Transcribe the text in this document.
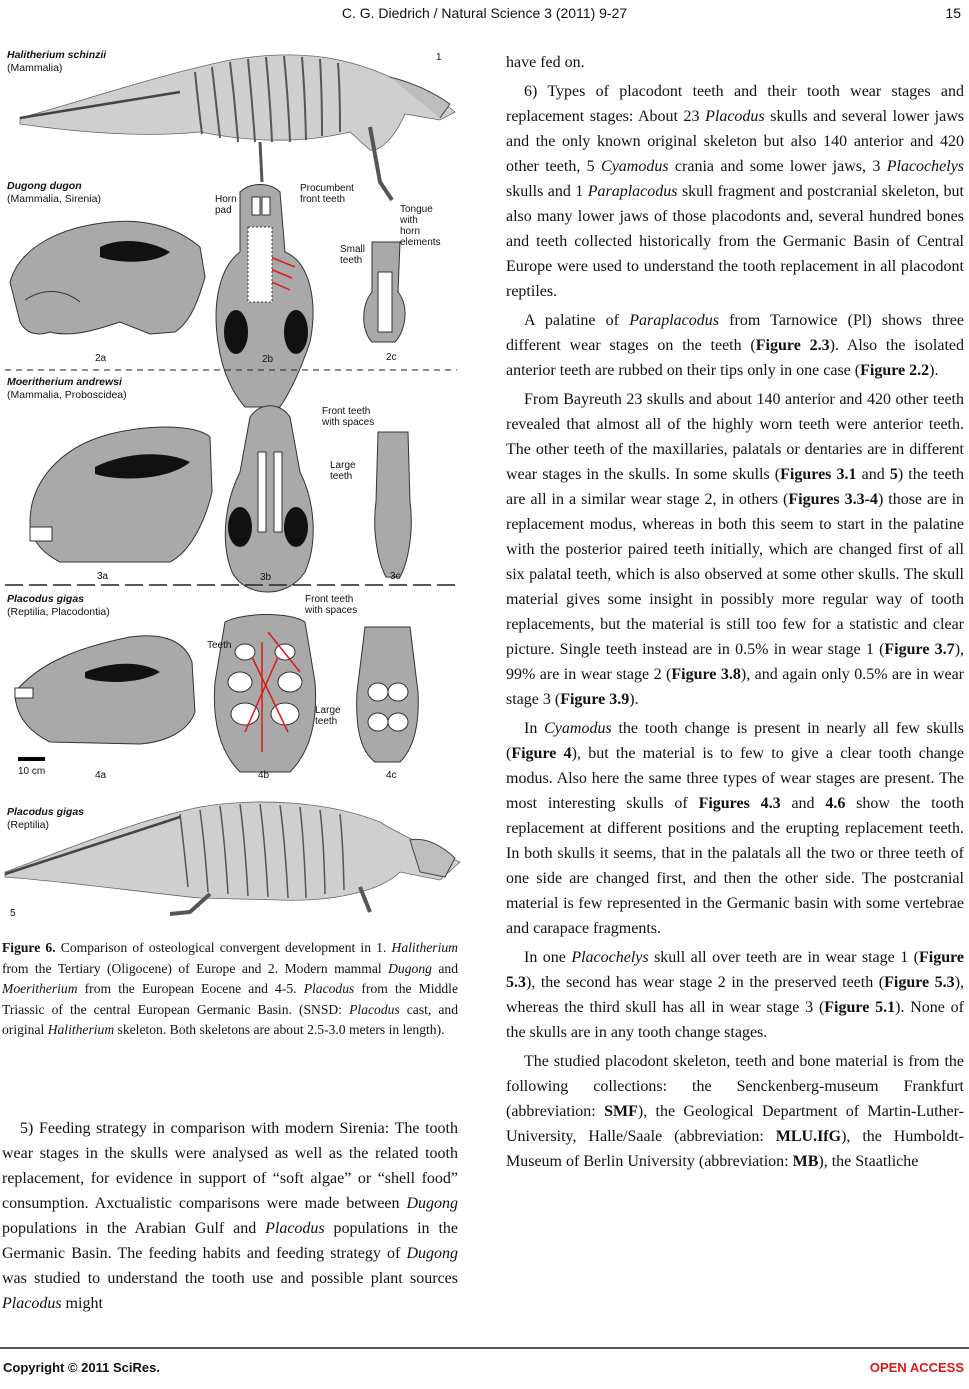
C. G. Diedrich / Natural Science 3 (2011) 9-27	15
Halitherium schinzii
(Mammalia)
1
Dugong dugon
(Mammalia, Sirenia)	Horn pad
Procumbent front teeth
Tongue with horn elements
Small teeth
2a	2b	2c
Moeritherium andrewsi
(Mammalia, Proboscidea)
Front teeth with spaces
Large teeth
3a	3b	3c
Placodus gigas
(Reptilia, Placodontia)
Front teeth with spaces
Teeth
Large teeth
10 cm	4a	4b	4c
Placodus gigas
(Reptilia)
5
Figure 6. Comparison of osteological convergent development in 1. Halitherium from the Tertiary (Oligocene) of Europe and 2. Modern mammal Dugong and Moeritherium from the European Eocene and 4-5. Placodus from the Middle Triassic of the central European Germanic Basin. (SNSD: Placodus cast, and original Halitherium skeleton. Both skeletons are about 2.5-3.0 meters in length).

5) Feeding strategy in comparison with modern Sirenia: The tooth wear stages in the skulls were analysed as well as the related tooth replacement, for evidence in support of “soft algae” or “shell food” consumption. Axctualistic comparisons were made between Dugong populations in the Arabian Gulf and Placodus populations in the Germanic Basin. The feeding habits and feeding strategy of Dugong was studied to understand the tooth use and possible plant sources Placodus might

have fed on.

6) Types of placodont teeth and their tooth wear stages and replacement stages: About 23 Placodus skulls and several lower jaws and the only known original skeleton but also 140 anterior and 420 other teeth, 5 Cyamodus crania and some lower jaws, 3 Placochelys skulls and 1 Paraplacodus skull fragment and postcranial skeleton, but also many lower jaws of those placodonts and, several hundred bones and teeth collected historically from the Germanic Basin of Central Europe were used to understand the tooth replacement in all placodont reptiles.

A palatine of Paraplacodus from Tarnowice (Pl) shows three different wear stages on the teeth (Figure 2.3). Also the isolated anterior teeth are rubbed on their tips only in one case (Figure 2.2).

From Bayreuth 23 skulls and about 140 anterior and 420 other teeth revealed that almost all of the highly worn teeth were anterior teeth. The other teeth of the maxillaries, palatals or dentaries are in different wear stages in the skulls. In some skulls (Figures 3.1 and 5) the teeth are all in a similar wear stage 2, in others (Figures 3.3-4) those are in replacement modus, whereas in both this seem to start in the palatine with the posterior paired teeth initially, which are changed first of all six palatal teeth, which is also observed at some other skulls. The skull material gives some insight in possibly more regular way of tooth replacements, but the material is still too few for a statistic and clear picture. Single teeth instead are in 0.5% in wear stage 1 (Figure 3.7), 99% are in wear stage 2 (Figure 3.8), and again only 0.5% are in wear stage 3 (Figure 3.9).

In Cyamodus the tooth change is present in nearly all few skulls (Figure 4), but the material is to few to give a clear tooth change modus. Also here the same three types of wear stages are present. The most interesting skulls of Figures 4.3 and 4.6 show the tooth replacement at different positions and the erupting replacement teeth. In both skulls it seems, that in the palatals all the two or three teeth of one side are changed first, and then the other side. The postcranial material is few represented in the Germanic basin with some vertebrae and carapace fragments.

In one Placochelys skull all over teeth are in wear stage 1 (Figure 5.3), the second has wear stage 2 in the preserved teeth (Figure 5.3), whereas the third skull has all in wear stage 3 (Figure 5.1). None of the skulls are in any tooth change stages.

The studied placodont skeleton, teeth and bone material is from the following collections: the Senckenberg-museum Frankfurt (abbreviation: SMF), the Geological Department of Martin-Luther-University, Halle/Saale (abbreviation: MLU.IfG), the Humboldt-Museum of Berlin University (abbreviation: MB), the Staatliche

Copyright © 2011 SciRes.	OPEN ACCESS
